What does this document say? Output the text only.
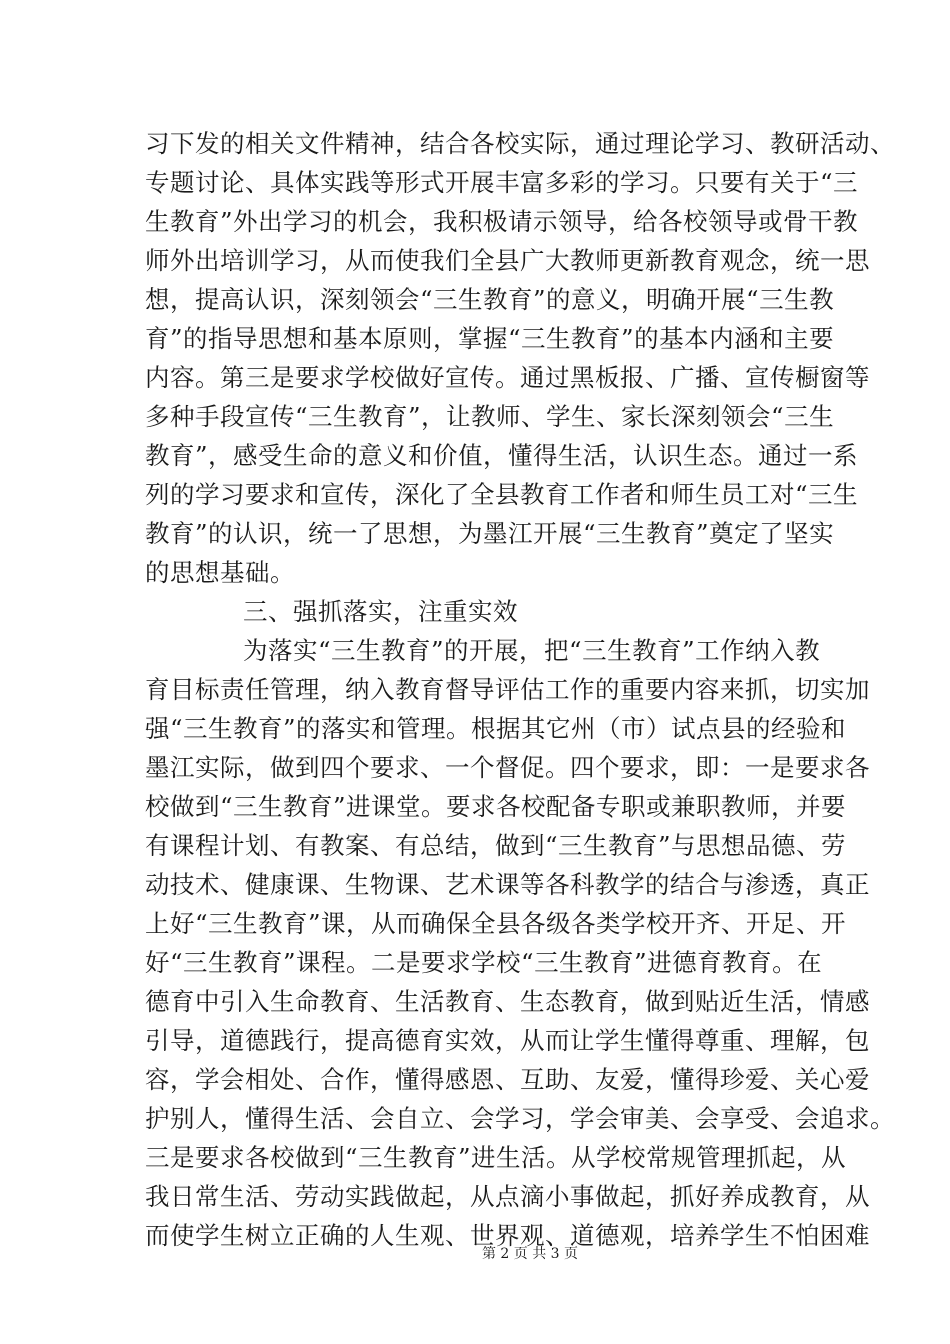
习下发的相关文件精神，结合各校实际，通过理论学习、教研活动、
专题讨论、具体实践等形式开展丰富多彩的学习。只要有关于“三
生教育”外出学习的机会，我积极请示领导，给各校领导或骨干教
师外出培训学习，从而使我们全县广大教师更新教育观念，统一思
想，提高认识，深刻领会“三生教育”的意义，明确开展“三生教
育”的指导思想和基本原则，掌握“三生教育”的基本内涵和主要
内容。第三是要求学校做好宣传。通过黑板报、广播、宣传橱窗等
多种手段宣传“三生教育”，让教师、学生、家长深刻领会“三生
教育”，感受生命的意义和价值，懂得生活，认识生态。通过一系
列的学习要求和宣传，深化了全县教育工作者和师生员工对“三生
教育”的认识，统一了思想，为墨江开展“三生教育”奠定了坚实
的思想基础。
三、强抓落实，注重实效
为落实“三生教育”的开展，把“三生教育”工作纳入教
育目标责任管理，纳入教育督导评估工作的重要内容来抓，切实加
强“三生教育”的落实和管理。根据其它州（市）试点县的经验和
墨江实际，做到四个要求、一个督促。四个要求，即：一是要求各
校做到“三生教育”进课堂。要求各校配备专职或兼职教师，并要
有课程计划、有教案、有总结，做到“三生教育”与思想品德、劳
动技术、健康课、生物课、艺术课等各科教学的结合与渗透，真正
上好“三生教育”课，从而确保全县各级各类学校开齐、开足、开
好“三生教育”课程。二是要求学校“三生教育”进德育教育。在
德育中引入生命教育、生活教育、生态教育，做到贴近生活，情感
引导，道德践行，提高德育实效，从而让学生懂得尊重、理解，包
容，学会相处、合作，懂得感恩、互助、友爱，懂得珍爱、关心爱
护别人，懂得生活、会自立、会学习，学会审美、会享受、会追求。
三是要求各校做到“三生教育”进生活。从学校常规管理抓起，从
我日常生活、劳动实践做起，从点滴小事做起，抓好养成教育，从
而使学生树立正确的人生观、世界观、道德观，培养学生不怕困难
第 2 页 共 3 页
